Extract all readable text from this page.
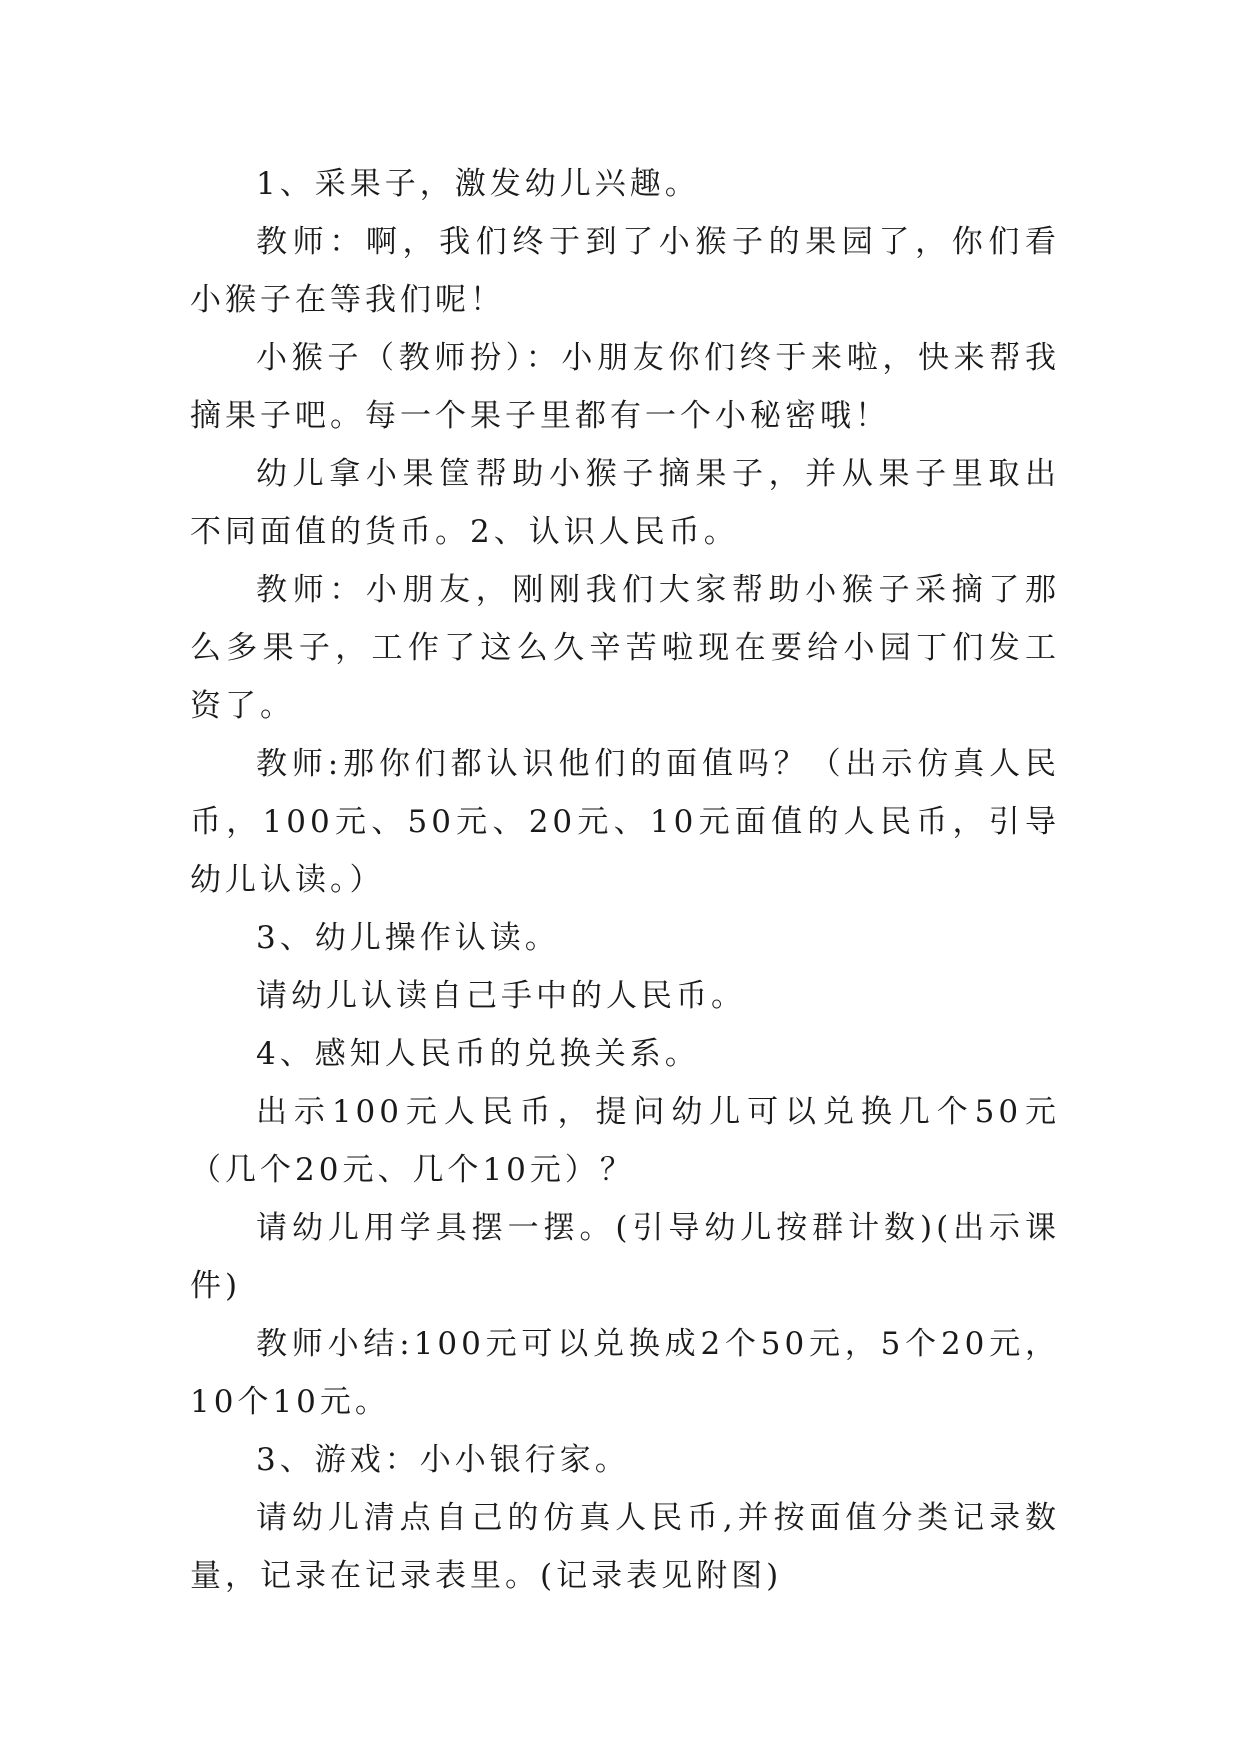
1、采果子，激发幼儿兴趣。

教师：啊，我们终于到了小猴子的果园了，你们看小猴子在等我们呢！

小猴子（教师扮）：小朋友你们终于来啦，快来帮我摘果子吧。每一个果子里都有一个小秘密哦！

幼儿拿小果筐帮助小猴子摘果子，并从果子里取出不同面值的货币。2、认识人民币。

教师：小朋友，刚刚我们大家帮助小猴子采摘了那么多果子，工作了这么久辛苦啦现在要给小园丁们发工资了。

教师:那你们都认识他们的面值吗？（出示仿真人民币，100元、50元、20元、10元面值的人民币，引导幼儿认读。）

3、幼儿操作认读。

请幼儿认读自己手中的人民币。

4、感知人民币的兑换关系。

出示100元人民币，提问幼儿可以兑换几个50元（几个20元、几个10元）？

请幼儿用学具摆一摆。(引导幼儿按群计数)(出示课件)

教师小结:100元可以兑换成2个50元，5个20元，10个10元。

3、游戏：小小银行家。

请幼儿清点自己的仿真人民币,并按面值分类记录数量，记录在记录表里。(记录表见附图)
